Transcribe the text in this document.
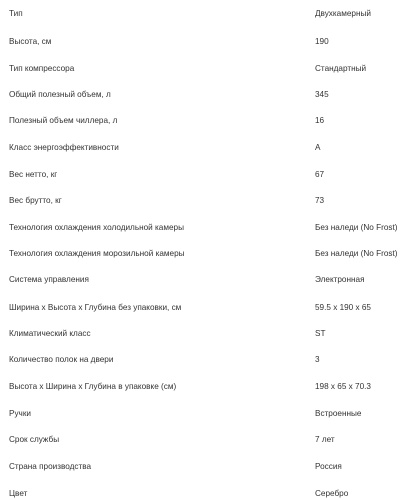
Тип	Двухкамерный
Высота, см	190
Тип компрессора	Стандартный
Общий полезный объем, л	345
Полезный объем чиллера, л	16
Класс энергоэффективности	A
Вес нетто, кг	67
Вес брутто, кг	73
Технология охлаждения холодильной камеры	Без наледи (No Frost)
Технология охлаждения морозильной камеры	Без наледи (No Frost)
Система управления	Электронная
Ширина x Высота x Глубина без упаковки, см	59.5 x 190 x 65
Климатический класс	ST
Количество полок на двери	3
Высота x Ширина x Глубина в упаковке (см)	198 x 65 x 70.3
Ручки	Встроенные
Срок службы	7 лет
Страна производства	Россия
Цвет	Серебро
